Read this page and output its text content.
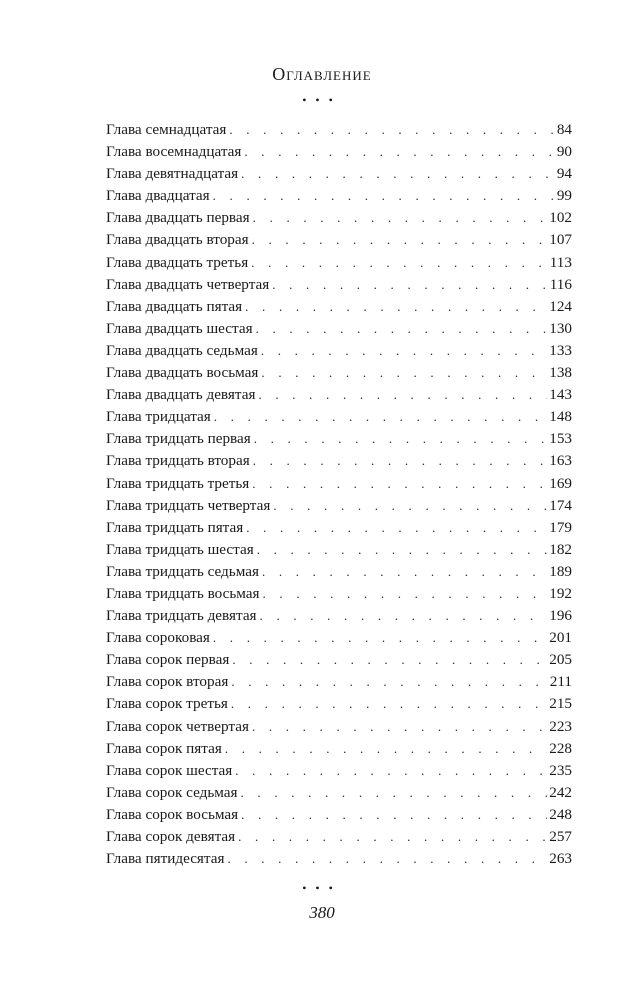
Оглавление
•••
Глава семнадцатая . . .	84
Глава восемнадцатая . . .	90
Глава девятнадцатая . . .	94
Глава двадцатая . . .	99
Глава двадцать первая . . .	102
Глава двадцать вторая . . .	107
Глава двадцать третья . . .	113
Глава двадцать четвертая . . .	116
Глава двадцать пятая . . .	124
Глава двадцать шестая . . .	130
Глава двадцать седьмая . . .	133
Глава двадцать восьмая . . .	138
Глава двадцать девятая . . .	143
Глава тридцатая . . .	148
Глава тридцать первая . . .	153
Глава тридцать вторая . . .	163
Глава тридцать третья . . .	169
Глава тридцать четвертая . . .	174
Глава тридцать пятая . . .	179
Глава тридцать шестая . . .	182
Глава тридцать седьмая . . .	189
Глава тридцать восьмая . . .	192
Глава тридцать девятая . . .	196
Глава сороковая . . .	201
Глава сорок первая . . .	205
Глава сорок вторая . . .	211
Глава сорок третья . . .	215
Глава сорок четвертая . . .	223
Глава сорок пятая . . .	228
Глава сорок шестая . . .	235
Глава сорок седьмая . . .	242
Глава сорок восьмая . . .	248
Глава сорок девятая . . .	257
Глава пятидесятая . . .	263
•••
380
